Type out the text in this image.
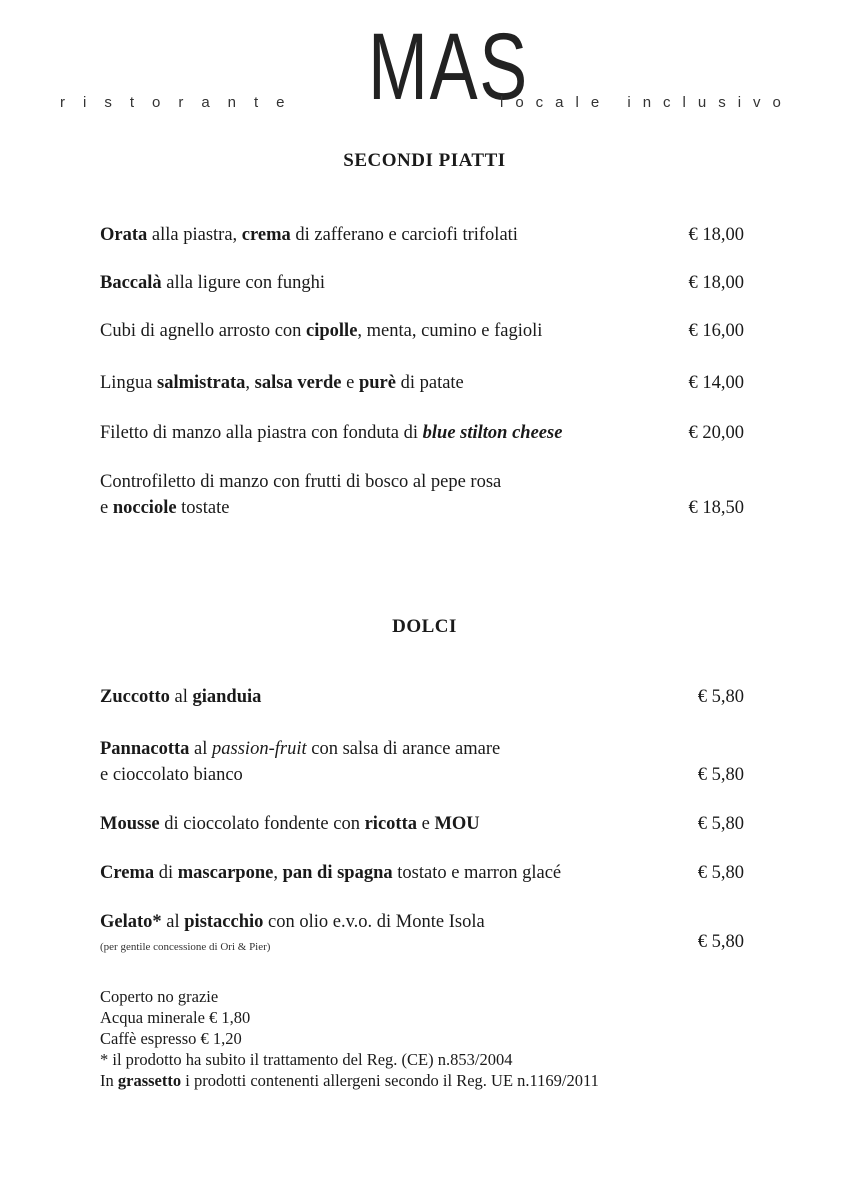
ristorante MAS
locale inclusivo
SECONDI PIATTI
Orata alla piastra, crema di zafferano e carciofi trifolati	€ 18,00
Baccalà alla ligure con funghi	€ 18,00
Cubi di agnello arrosto con cipolle, menta, cumino e fagioli	€ 16,00
Lingua salmistrata, salsa verde e purè di patate	€ 14,00
Filetto di manzo alla piastra con fonduta di blue stilton cheese	€ 20,00
Controfiletto di manzo con frutti di bosco al pepe rosa
e nocciole tostate	€ 18,50
DOLCI
Zuccotto al gianduia	€ 5,80
Pannacotta al passion-fruit con salsa di arance amare
e cioccolato bianco	€ 5,80
Mousse di cioccolato fondente con ricotta e MOU	€ 5,80
Crema di mascarpone, pan di spagna tostato e marron glacé	€ 5,80
Gelato* al pistacchio con olio e.v.o. di Monte Isola
(per gentile concessione di Ori & Pier)	€ 5,80
Coperto no grazie
Acqua minerale € 1,80
Caffè espresso € 1,20
* il prodotto ha subito il trattamento del Reg. (CE) n.853/2004
In grassetto i prodotti contenenti allergeni secondo il Reg. UE n.1169/2011
